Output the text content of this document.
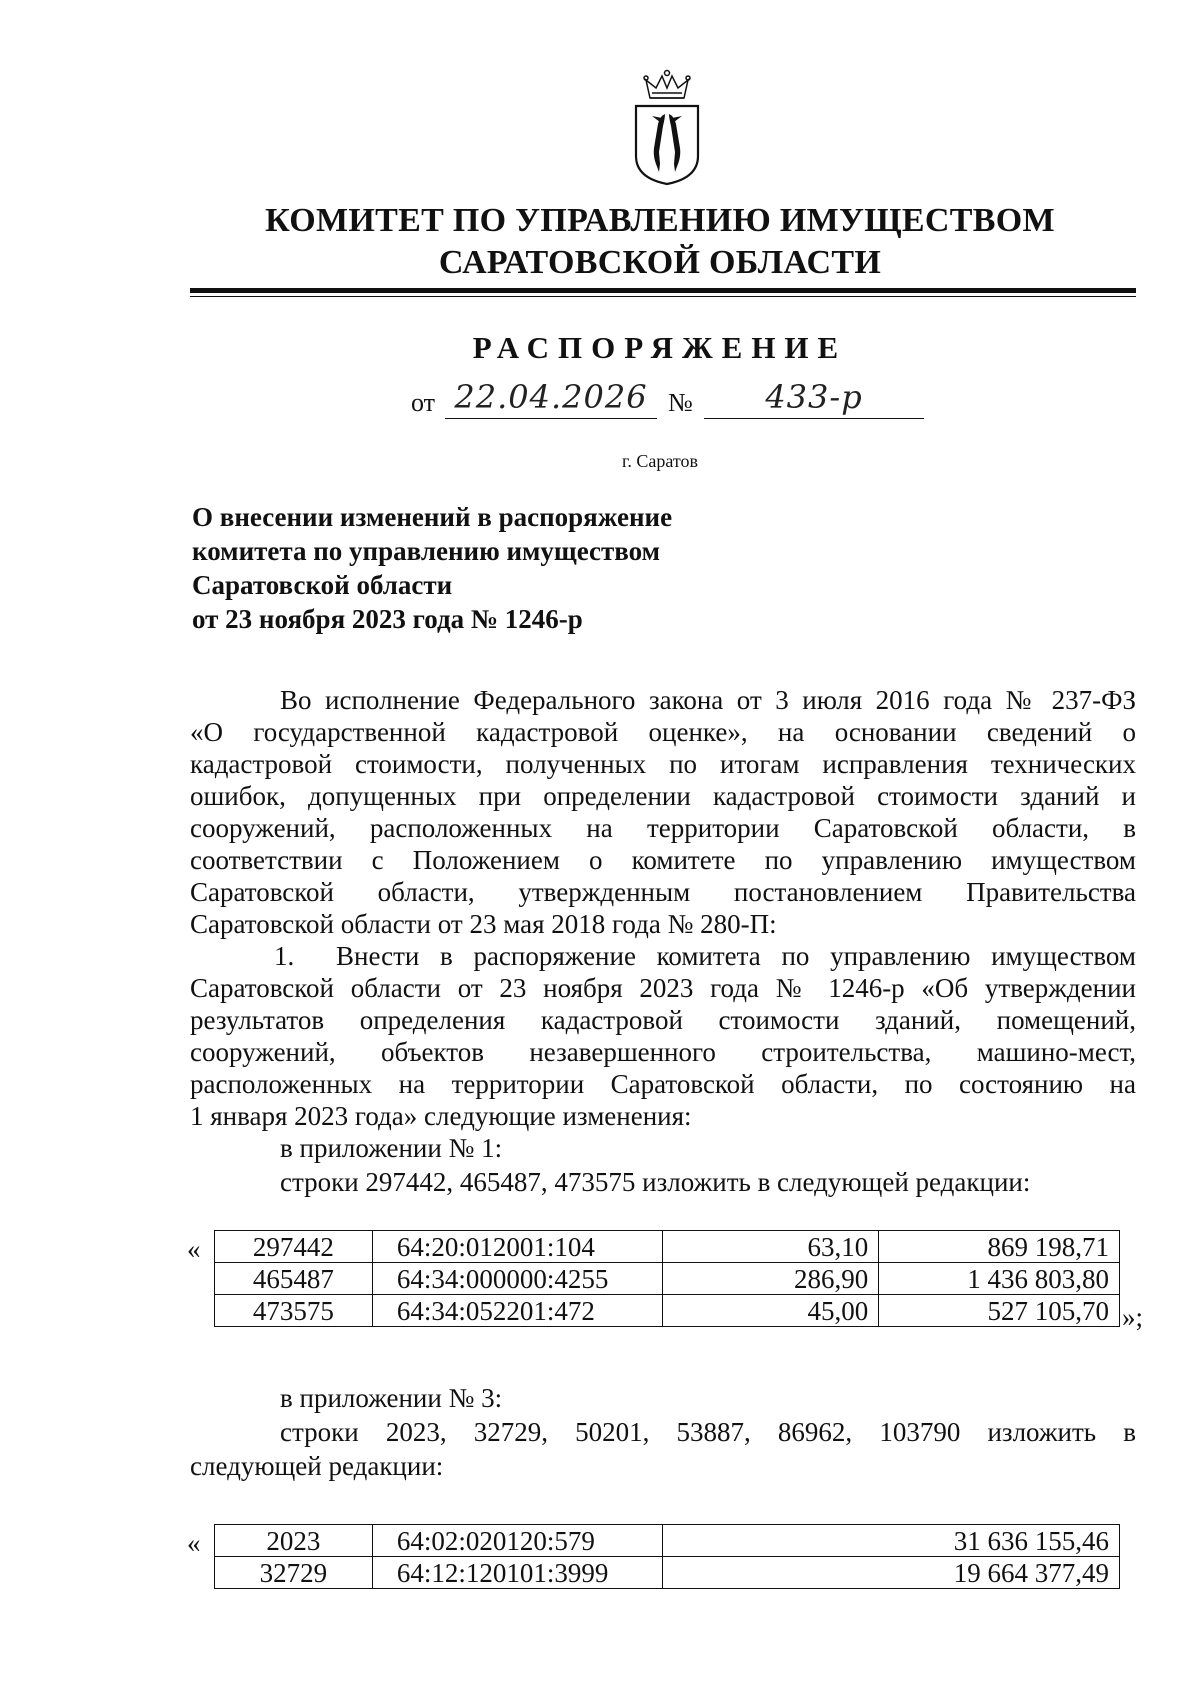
КОМИТЕТ ПО УПРАВЛЕНИЮ ИМУЩЕСТВОМ
САРАТОВСКОЙ ОБЛАСТИ
РАСПОРЯЖЕНИЕ
от 22.04.2026 №	433-р
г. Саратов
О внесении изменений в распоряжение
комитета по управлению имуществом
Саратовской области
от 23 ноября 2023 года № 1246-р
Во исполнение Федерального закона от 3 июля 2016 года № 237-ФЗ
«О государственной кадастровой оценке», на основании сведений о
кадастровой стоимости, полученных по итогам исправления технических
ошибок, допущенных при определении кадастровой стоимости зданий и
сооружений, расположенных на территории Саратовской области, в
соответствии с Положением о комитете по управлению имуществом
Саратовской области, утвержденным постановлением Правительства
Саратовской области от 23 мая 2018 года № 280-П:
1.	Внести в распоряжение комитета по управлению имуществом
Саратовской области от 23 ноября 2023 года № 1246-р «Об утверждении
результатов определения кадастровой стоимости зданий, помещений,
сооружений, объектов незавершенного строительства, машино-мест,
расположенных на территории Саратовской области, по состоянию на
1 января 2023 года» следующие изменения:
в приложении № 1:
строки 297442, 465487, 473575 изложить в следующей редакции:
« 297442	64:20:012001:104	63,10	869 198,71
465487	64:34:000000:4255	286,90	1 436 803,80
473575	64:34:052201:472	45,00	527 105,70 »;
в приложении № 3:
строки 2023, 32729, 50201, 53887, 86962, 103790 изложить в
следующей редакции:
« 2023	64:02:020120:579	31 636 155,46
32729	64:12:120101:3999	19 664 377,49
